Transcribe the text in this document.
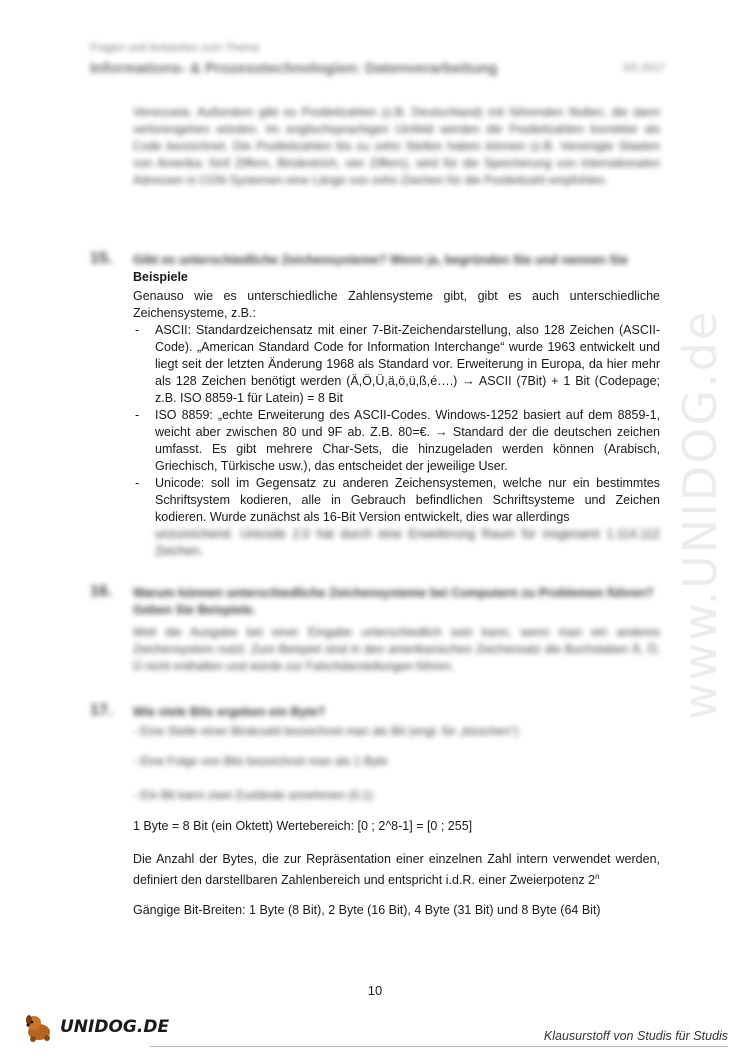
Fragen und Antworten zum Thema
Informations- & Prozesstechnologien: Datenverarbeitung	SS 2017
www.UNIDOG.de
Venezuela. Außerdem gibt es Postleitzahlen (z.B. Deutschland) mit führenden Nullen, die dann verlorengehen würden. Im englischsprachigen Umfeld werden die Postleitzahlen korrekter als Code bezeichnet. Die Postleitzahlen bis zu zehn Stellen haben können (z.B. Vereinigte Staaten von Amerika: fünf Ziffern, Bindestrich, vier Ziffern), wird für die Speicherung von internationalen Adressen in CON Systemen eine Länge von zehn Zeichen für die Postleitzahl empfohlen.
15. Gibt es unterschiedliche Zeichensysteme? Wenn ja, begründen Sie und nennen Sie
Beispiele
Genauso wie es unterschiedliche Zahlensysteme gibt, gibt es auch unterschiedliche Zeichensysteme, z.B.:
- ASCII: Standardzeichensatz mit einer 7-Bit-Zeichendarstellung, also 128 Zeichen (ASCII-Code). „American Standard Code for Information Interchange“ wurde 1963 entwickelt und liegt seit der letzten Änderung 1968 als Standard vor. Erweiterung in Europa, da hier mehr als 128 Zeichen benötigt werden (Ä,Ö,Ü,ä,ö,ü,ß,é….) → ASCII (7Bit) + 1 Bit (Codepage; z.B. ISO 8859-1 für Latein) = 8 Bit
- ISO 8859: „echte Erweiterung des ASCII-Codes. Windows-1252 basiert auf dem 8859-1, weicht aber zwischen 80 und 9F ab. Z.B. 80=€. → Standard der die deutschen zeichen umfasst. Es gibt mehrere Char-Sets, die hinzugeladen werden können (Arabisch, Griechisch, Türkische usw.), das entscheidet der jeweilige User.
- Unicode: soll im Gegensatz zu anderen Zeichensystemen, welche nur ein bestimmtes Schriftsystem kodieren, alle in Gebrauch befindlichen Schriftsysteme und Zeichen kodieren. Wurde zunächst als 16-Bit Version entwickelt, dies war allerdings
unzureichend. Unicode 2.0 hat durch eine Erweiterung Raum für insgesamt 1.114.112 Zeichen.
16. Warum können unterschiedliche Zeichensysteme bei Computern zu Problemen führen? Geben Sie Beispiele.
Weil die Ausgabe bei einer Eingabe unterschiedlich sein kann, wenn man ein anderes Zeichensystem nutzt. Zum Beispiel sind in den amerikanischen Zeichensatz die Buchstaben Ä, Ö, Ü nicht enthalten und würde zur Falschdarstellungen führen.
17. Wie viele Bits ergeben ein Byte?
- Eine Stelle einer Binärzahl bezeichnet man als Bit (engl. für „bisschen“)
- Eine Folge von Bits bezeichnet man als 1 Byte
- Ein Bit kann zwei Zustände annehmen (0,1)
1 Byte = 8 Bit (ein Oktett) Wertebereich: [0 ; 2^8-1] = [0 ; 255]
Die Anzahl der Bytes, die zur Repräsentation einer einzelnen Zahl intern verwendet werden, definiert den darstellbaren Zahlenbereich und entspricht i.d.R. einer Zweierpotenz 2$^n$
Gängige Bit-Breiten: 1 Byte (8 Bit), 2 Byte (16 Bit), 4 Byte (31 Bit) und 8 Byte (64 Bit)
10
UNIDOG.DE	Klausurstoff von Studis für Studis
